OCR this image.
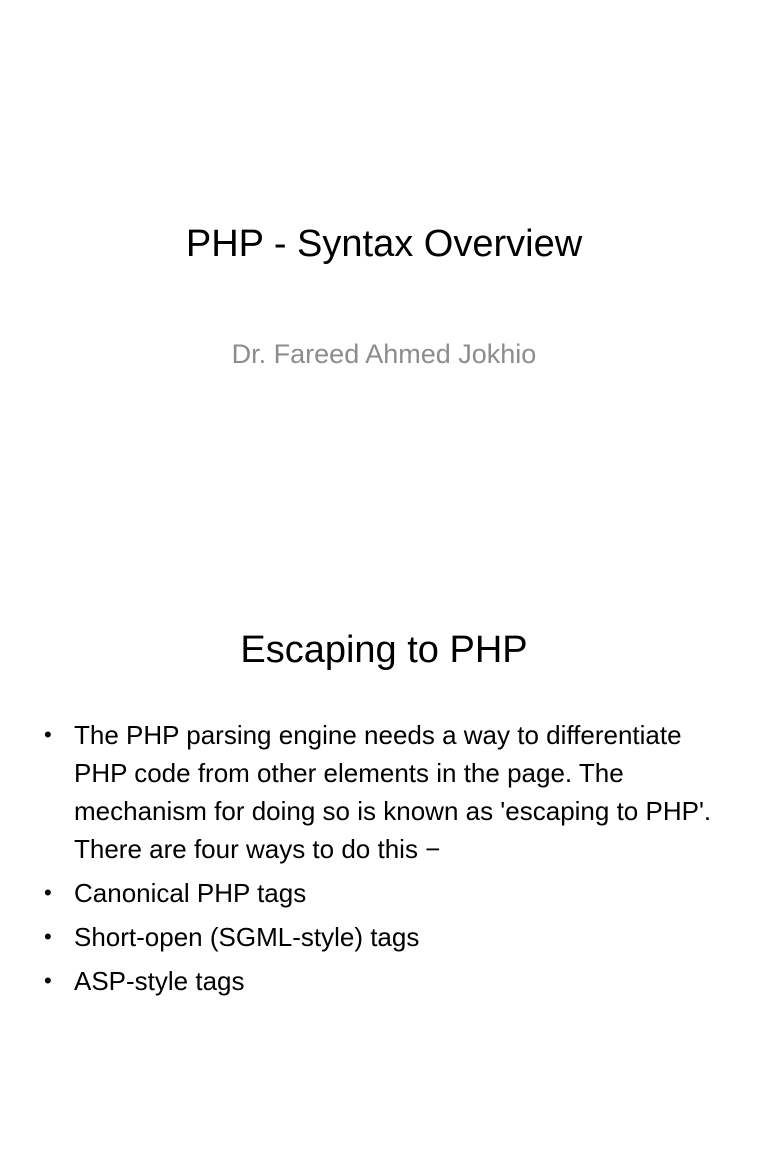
PHP - Syntax Overview
Dr. Fareed Ahmed Jokhio
Escaping to PHP
• The PHP parsing engine needs a way to differentiate PHP code from other elements in the page. The mechanism for doing so is known as 'escaping to PHP'. There are four ways to do this −
• Canonical PHP tags
• Short-open (SGML-style) tags
• ASP-style tags
